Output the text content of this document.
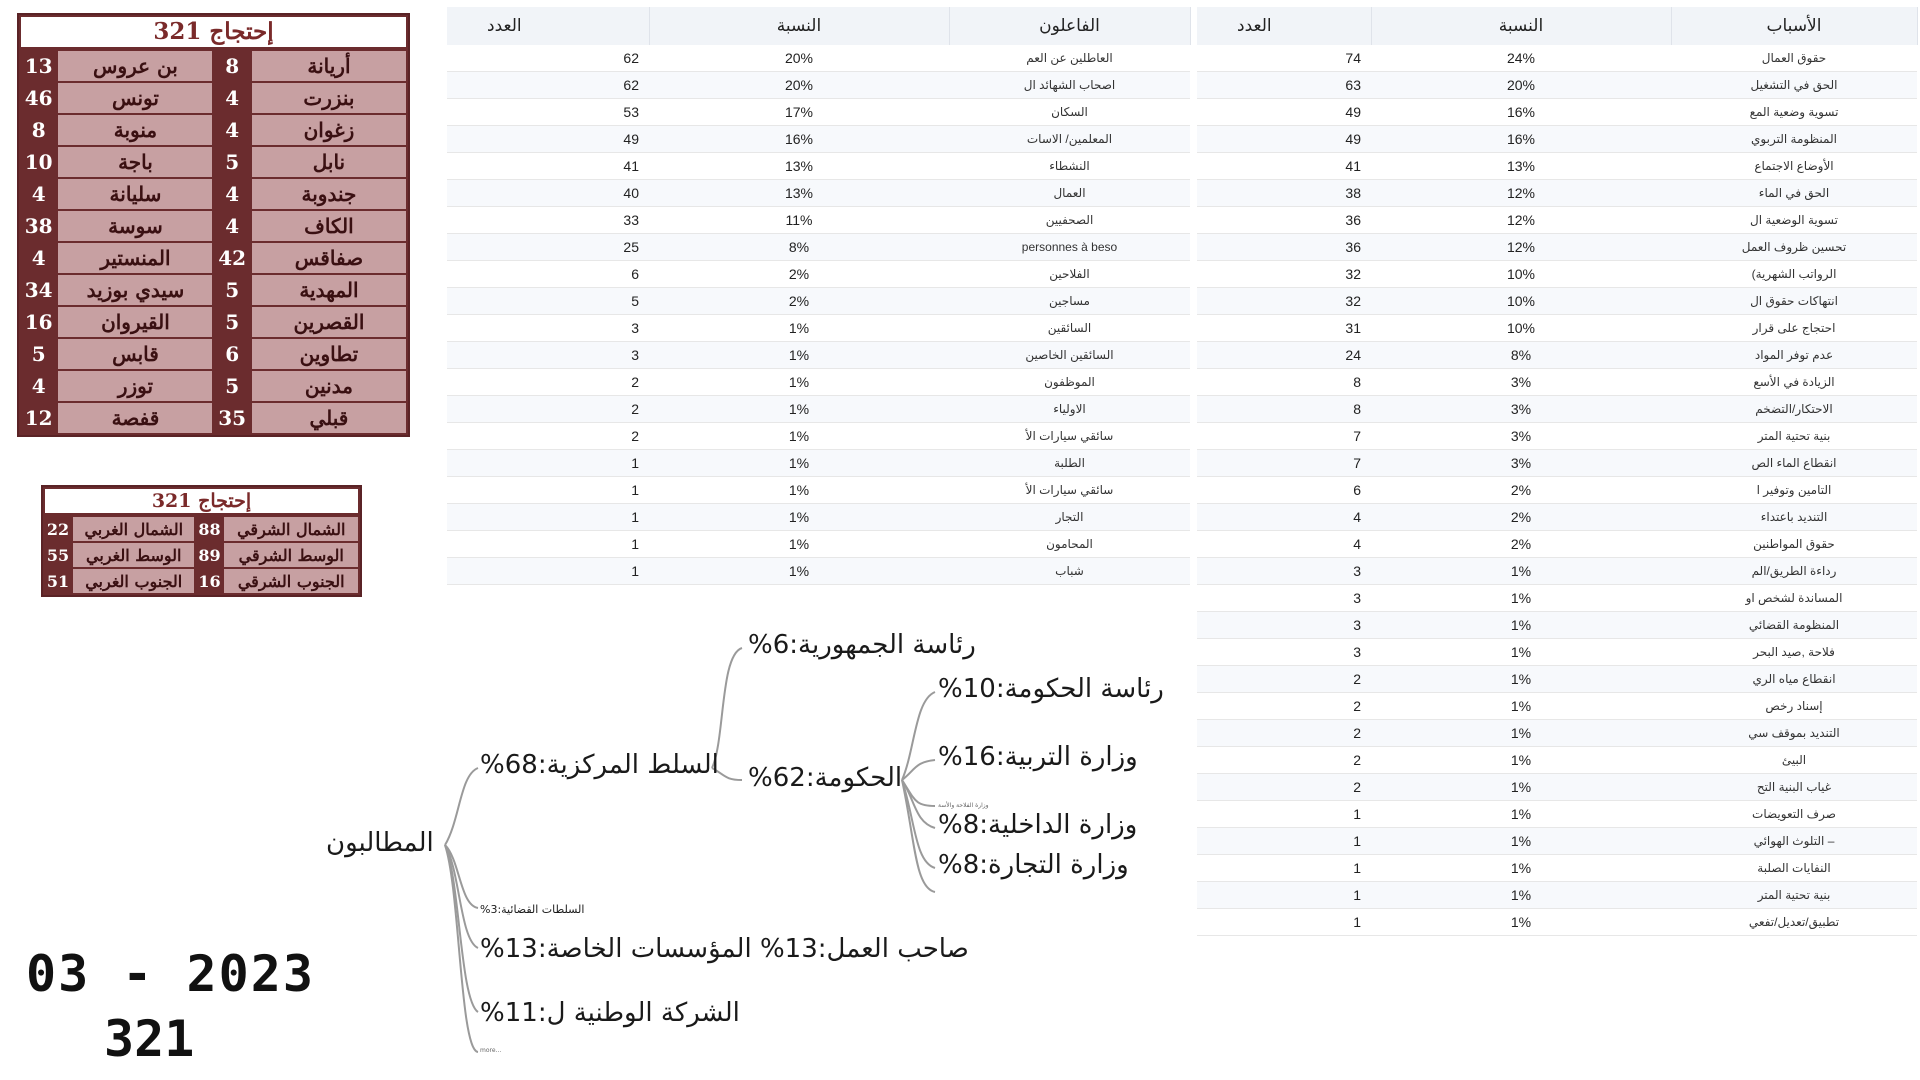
321 إحتجاج
13	بن عروس	8	أريانة
46	تونس	4	بنزرت
8	منوبة	4	زغوان
10	باجة	5	نابل
4	سليانة	4	جندوبة
38	سوسة	4	الكاف
4	المنستير	42	صفاقس
34	سيدي بوزيد	5	المهدية
16	القيروان	5	القصرين
5	قابس	6	تطاوين
4	توزر	5	مدنين
12	قفصة	35	قبلي
321 إحتجاج
22	الشمال الغربي	88	الشمال الشرقي
55	الوسط الغربي	89	الوسط الشرقي
51	الجنوب الغربي	16	الجنوب الشرقي
العدد	النسبة	الفاعلون
62	20%	العاطلين عن العم
62	20%	اصحاب الشهائد ال
53	17%	السكان
49	16%	المعلمين/ الاسات
41	13%	النشطاء
40	13%	العمال
33	11%	الصحفيين
25	8%	personnes à beso
6	2%	الفلاحين
5	2%	مساجين
3	1%	السائقين
3	1%	السائقين الخاصين
2	1%	الموظفون
2	1%	الاولياء
2	1%	سائقي سيارات الأ
1	1%	الطلبة
1	1%	سائقي سيارات الأ
1	1%	التجار
1	1%	المحامون
1	1%	شباب
العدد	النسبة	الأسباب
74	24%	حقوق العمال
63	20%	الحق في التشغيل
49	16%	تسوية وضعية المع
49	16%	المنظومة التربوي
41	13%	الأوضاع الاجتماع
38	12%	الحق في الماء
36	12%	تسوية الوضعية ال
36	12%	تحسين ظروف العمل
32	10%	(الرواتب الشهرية
32	10%	انتهاكات حقوق ال
31	10%	احتجاج على قرار
24	8%	عدم توفر المواد
8	3%	الزيادة في الأسع
8	3%	الاحتكار/التضخم
7	3%	بنية تحتية المتر
7	3%	انقطاع الماء الص
6	2%	التامين وتوفير ا
4	2%	التنديد باعتداء
4	2%	حقوق المواطنين
3	1%	رداءة الطريق/الم
3	1%	المساندة لشخص او
3	1%	المنظومة القضائي
3	1%	فلاحة ,صيد البحر
2	1%	انقطاع مياه الري
2	1%	إسناد رخص
2	1%	التنديد بموقف سي
2	1%	البيئ
2	1%	غياب البنية التح
1	1%	صرف التعويضات
1	1%	التلوث الهوائي –
1	1%	النفايات الصلبة
1	1%	بنية تحتية المتر
1	1%	تطبيق/تعديل/تفعي
المطالبون
السلط المركزية:68%
رئاسة الجمهورية:6%
الحكومة:62%
رئاسة الحكومة:10%
وزارة التربية:16%
وزارة الفلاحة والأسة
وزارة الداخلية:8%
وزارة التجارة:8%
السلطات القضائية:3%
صاحب العمل:13% المؤسسات الخاصة:13%
الشركة الوطنية ل:11%
...more
03 - 2023
321
